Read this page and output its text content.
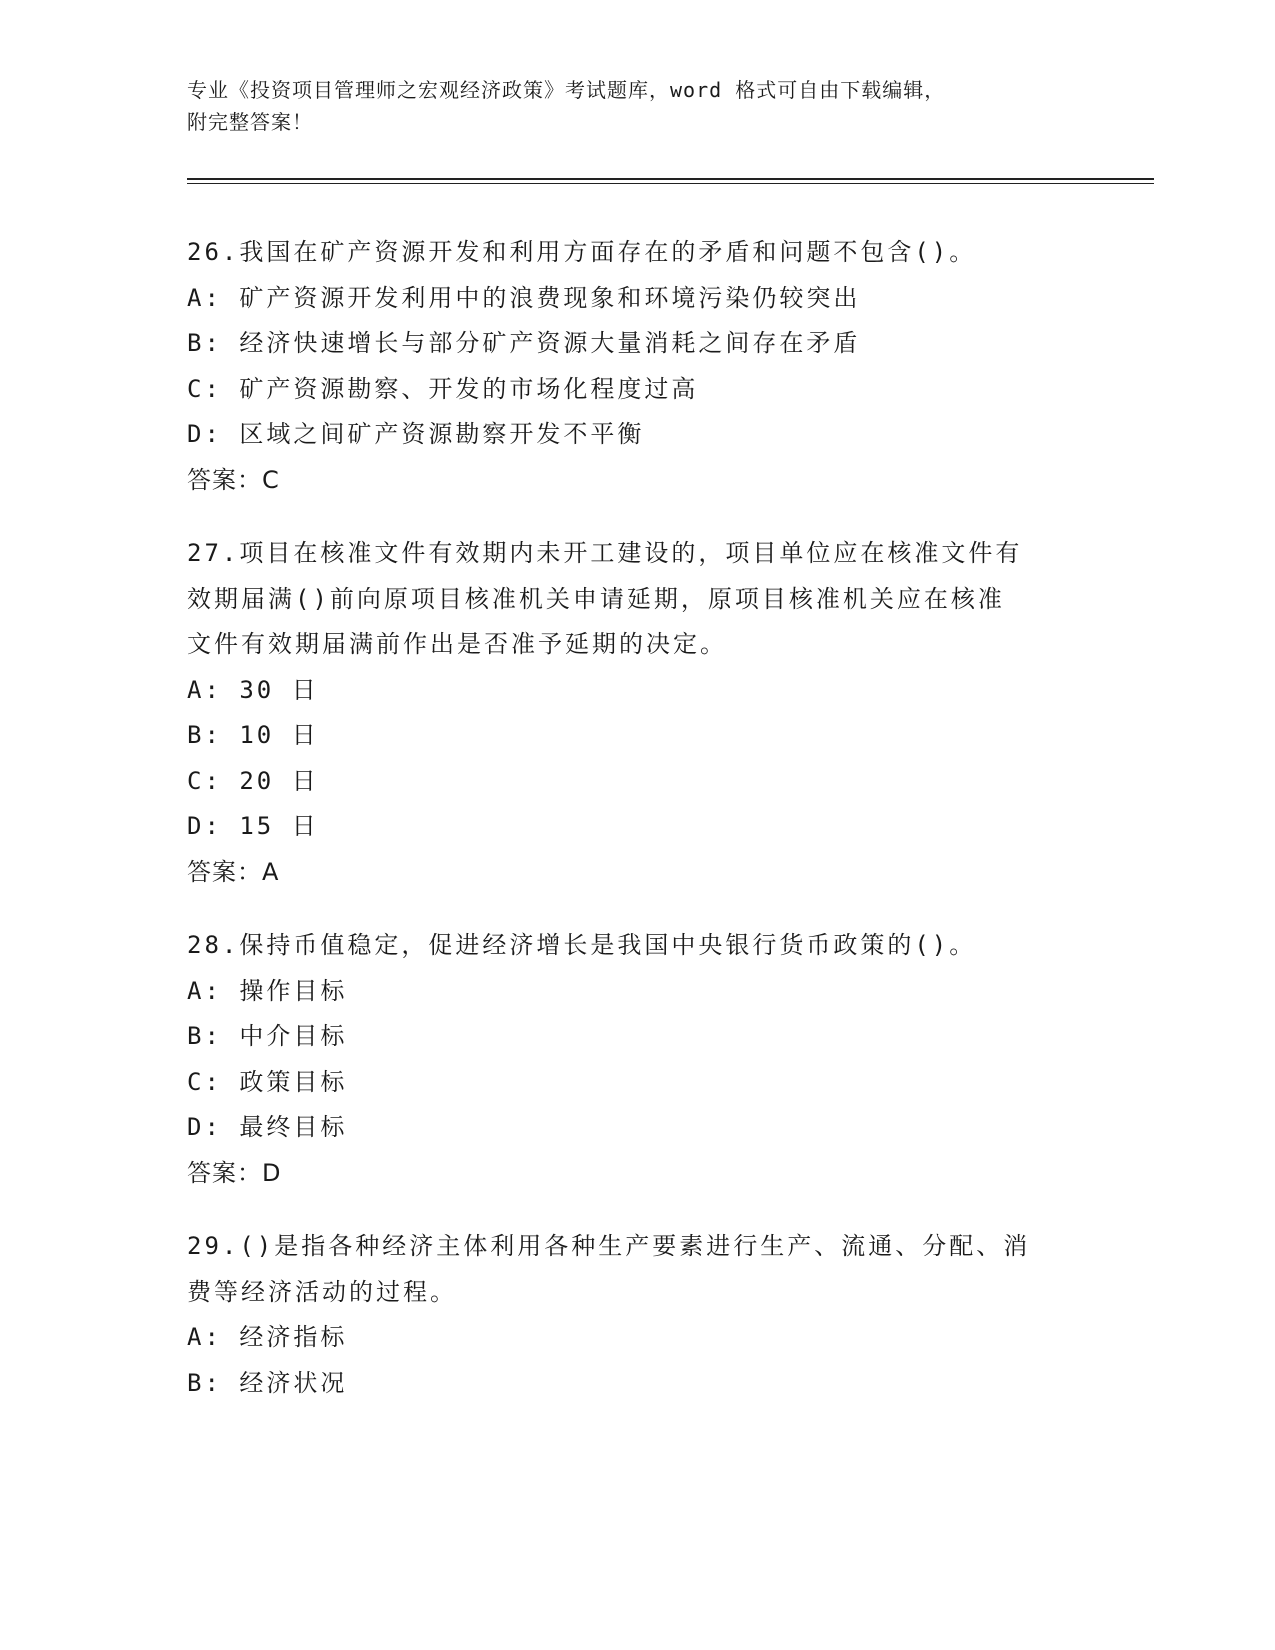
专业《投资项目管理师之宏观经济政策》考试题库，word 格式可自由下载编辑，
附完整答案！
26.我国在矿产资源开发和利用方面存在的矛盾和问题不包含()。
A: 矿产资源开发利用中的浪费现象和环境污染仍较突出
B: 经济快速增长与部分矿产资源大量消耗之间存在矛盾
C: 矿产资源勘察、开发的市场化程度过高
D: 区域之间矿产资源勘察开发不平衡
答案：C
27.项目在核准文件有效期内未开工建设的，项目单位应在核准文件有
效期届满()前向原项目核准机关申请延期，原项目核准机关应在核准
文件有效期届满前作出是否准予延期的决定。
A: 30 日
B: 10 日
C: 20 日
D: 15 日
答案：A
28.保持币值稳定，促进经济增长是我国中央银行货币政策的()。
A: 操作目标
B: 中介目标
C: 政策目标
D: 最终目标
答案：D
29.()是指各种经济主体利用各种生产要素进行生产、流通、分配、消
费等经济活动的过程。
A: 经济指标
B: 经济状况
